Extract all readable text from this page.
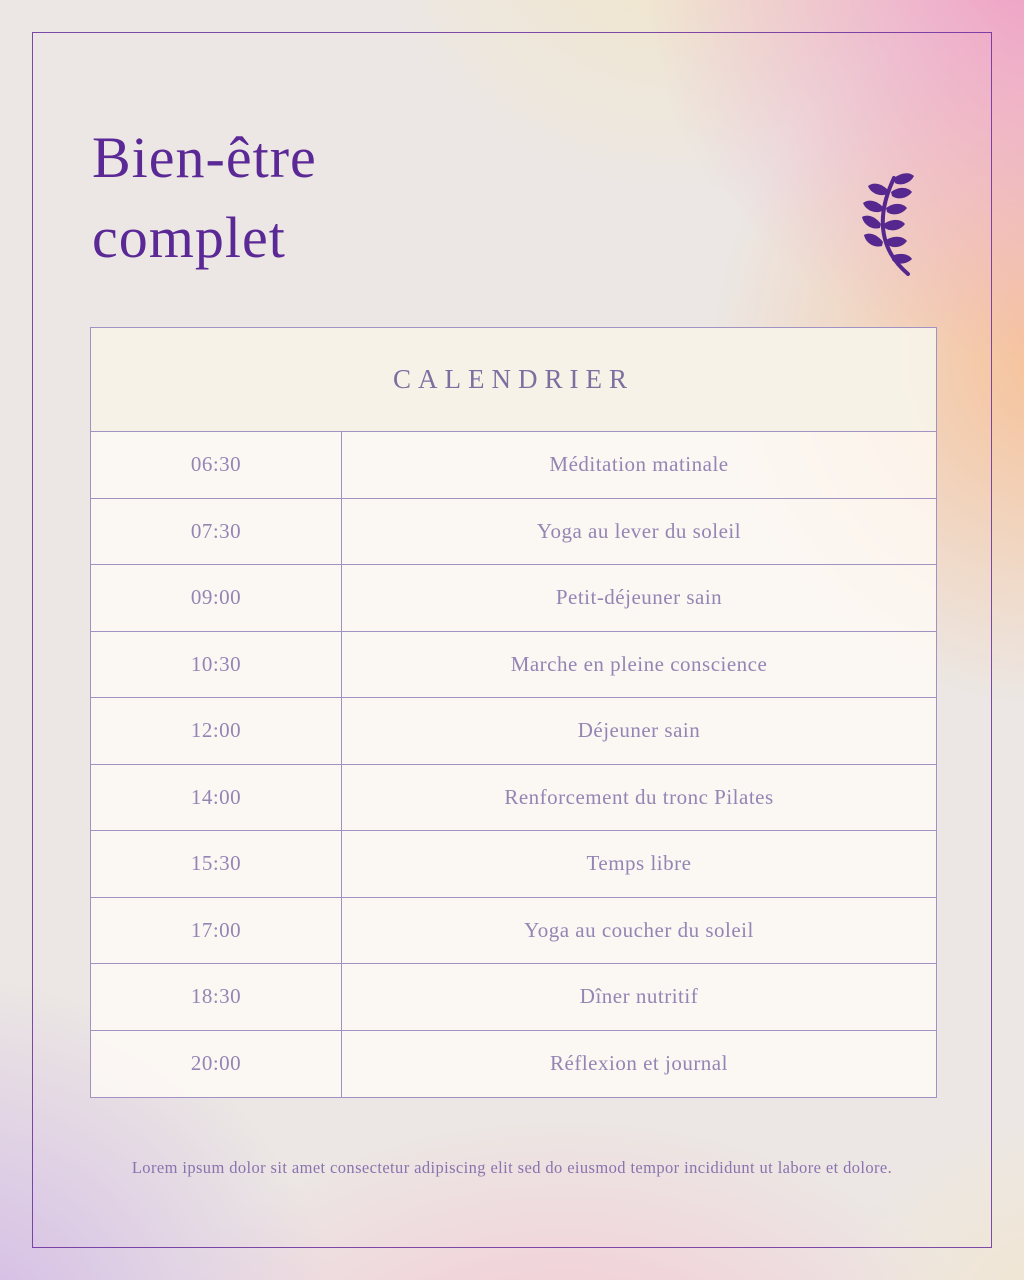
Bien-être
complet
CALENDRIER
06:30	Méditation matinale
07:30	Yoga au lever du soleil
09:00	Petit-déjeuner sain
10:30	Marche en pleine conscience
12:00	Déjeuner sain
14:00	Renforcement du tronc Pilates
15:30	Temps libre
17:00	Yoga au coucher du soleil
18:30	Dîner nutritif
20:00	Réflexion et journal
Lorem ipsum dolor sit amet consectetur adipiscing elit sed do eiusmod tempor incididunt ut labore et dolore.
